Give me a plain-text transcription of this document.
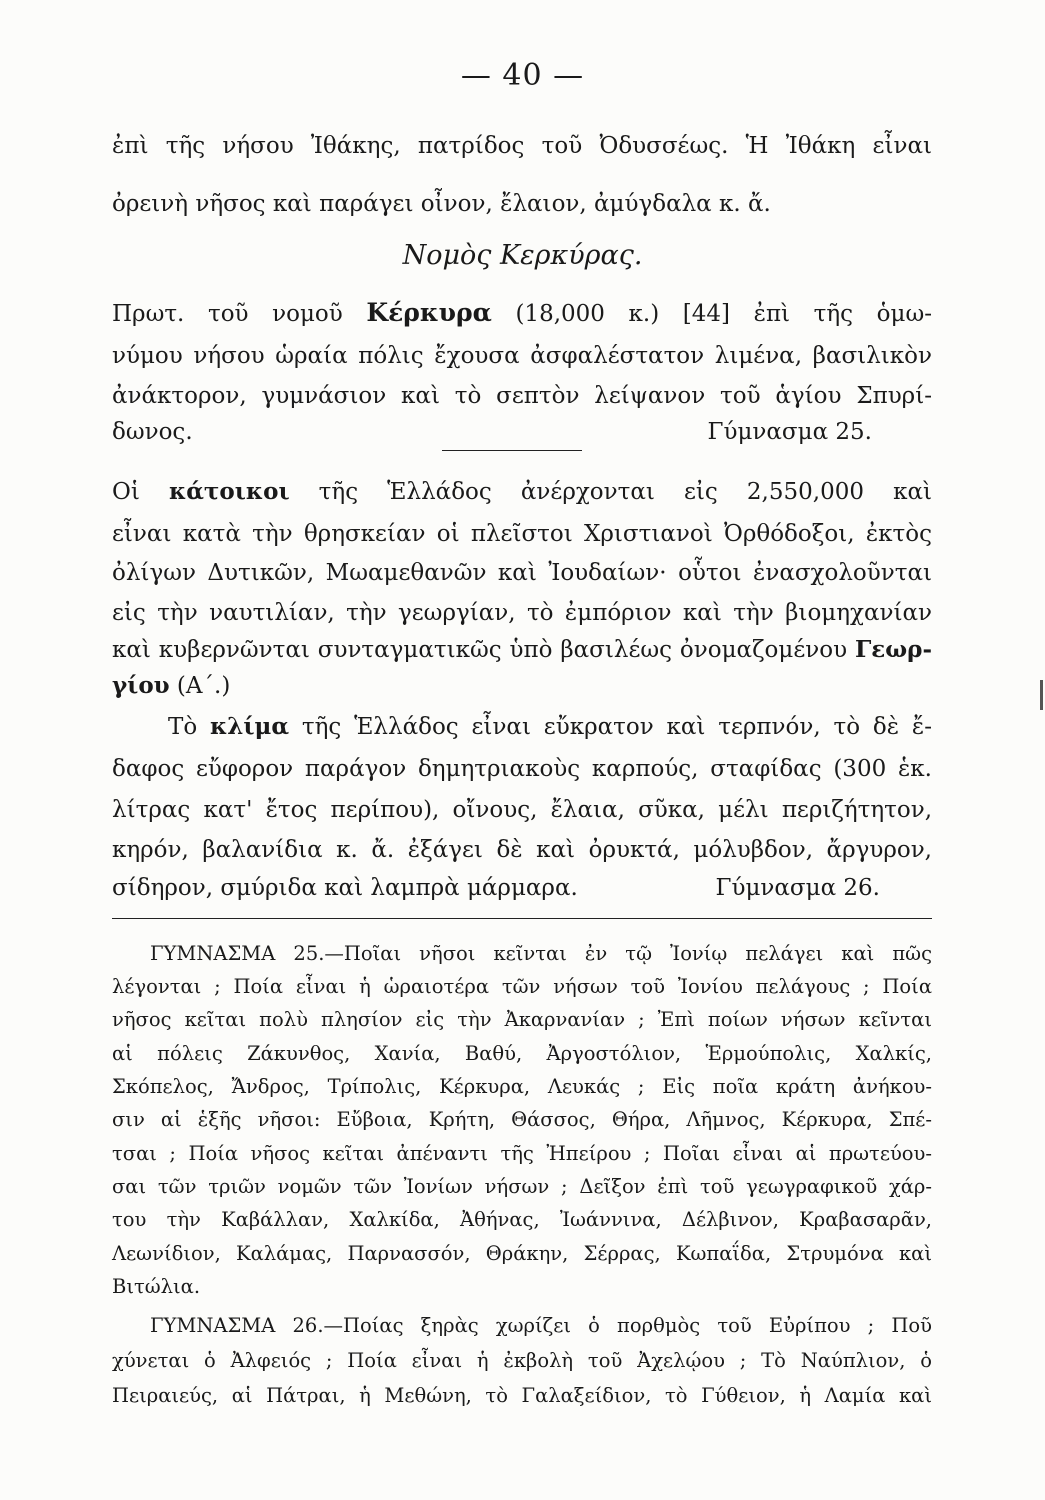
— 40 —
ἐπὶ τῆς νήσου Ἰθάκης, πατρίδος τοῦ Ὀδυσσέως. Ἡ Ἰθάκη εἶναι
ὀρεινὴ νῆσος καὶ παράγει οἶνον, ἔλαιον, ἀμύγδαλα κ. ἄ.
Νομὸς Κερκύρας.
Πρωτ. τοῦ νομοῦ Κέρκυρα (18,000 κ.) [44] ἐπὶ τῆς ὁμω-
νύμου νήσου ὡραία πόλις ἔχουσα ἀσφαλέστατον λιμένα, βασιλικὸν
ἀνάκτορον, γυμνάσιον καὶ τὸ σεπτὸν λείψανον τοῦ ἁγίου Σπυρί-
δωνος.	Γύμνασμα 25.
Οἱ κάτοικοι τῆς Ἑλλάδος ἀνέρχονται εἰς 2,550,000 καὶ
εἶναι κατὰ τὴν θρησκείαν οἱ πλεῖστοι Χριστιανοὶ Ὀρθόδοξοι, ἐκτὸς
ὀλίγων Δυτικῶν, Μωαμεθανῶν καὶ Ἰουδαίων· οὗτοι ἐνασχολοῦνται
εἰς τὴν ναυτιλίαν, τὴν γεωργίαν, τὸ ἐμπόριον καὶ τὴν βιομηχανίαν
καὶ κυβερνῶνται συνταγματικῶς ὑπὸ βασιλέως ὀνομαζομένου Γεωρ-
γίου (Α΄.)
Τὸ κλίμα τῆς Ἑλλάδος εἶναι εὔκρατον καὶ τερπνόν, τὸ δὲ ἔ-
δαφος εὔφορον παράγον δημητριακοὺς καρπούς, σταφίδας (300 ἑκ.
λίτρας κατ' ἔτος περίπου), οἴνους, ἔλαια, σῦκα, μέλι περιζήτητον,
κηρόν, βαλανίδια κ. ἄ. ἐξάγει δὲ καὶ ὀρυκτά, μόλυβδον, ἄργυρον,
σίδηρον, σμύριδα καὶ λαμπρὰ μάρμαρα.	Γύμνασμα 26.
ΓΥΜΝΑΣΜΑ 25.—Ποῖαι νῆσοι κεῖνται ἐν τῷ Ἰονίῳ πελάγει καὶ πῶς
λέγονται ; Ποία εἶναι ἡ ὡραιοτέρα τῶν νήσων τοῦ Ἰονίου πελάγους ; Ποία
νῆσος κεῖται πολὺ πλησίον εἰς τὴν Ἀκαρνανίαν ; Ἐπὶ ποίων νήσων κεῖνται
αἱ πόλεις Ζάκυνθος, Χανία, Βαθύ, Ἀργοστόλιον, Ἑρμούπολις, Χαλκίς,
Σκόπελος, Ἄνδρος, Τρίπολις, Κέρκυρα, Λευκάς ; Εἰς ποῖα κράτη ἀνήκου-
σιν αἱ ἑξῆς νῆσοι: Εὔβοια, Κρήτη, Θάσσος, Θήρα, Λῆμνος, Κέρκυρα, Σπέ-
τσαι ; Ποία νῆσος κεῖται ἀπέναντι τῆς Ἠπείρου ; Ποῖαι εἶναι αἱ πρωτεύου-
σαι τῶν τριῶν νομῶν τῶν Ἰονίων νήσων ; Δεῖξον ἐπὶ τοῦ γεωγραφικοῦ χάρ-
του τὴν Καβάλλαν, Χαλκίδα, Ἀθήνας, Ἰωάννινα, Δέλβινον, Κραβασαρᾶν,
Λεωνίδιον, Καλάμας, Παρνασσόν, Θράκην, Σέρρας, Κωπαΐδα, Στρυμόνα καὶ
Βιτώλια.
ΓΥΜΝΑΣΜΑ 26.—Ποίας ξηρὰς χωρίζει ὁ πορθμὸς τοῦ Εὐρίπου ; Ποῦ
χύνεται ὁ Ἀλφειός ; Ποία εἶναι ἡ ἐκβολὴ τοῦ Ἀχελῴου ; Τὸ Ναύπλιον, ὁ
Πειραιεύς, αἱ Πάτραι, ἡ Μεθώνη, τὸ Γαλαξείδιον, τὸ Γύθειον, ἡ Λαμία καὶ
